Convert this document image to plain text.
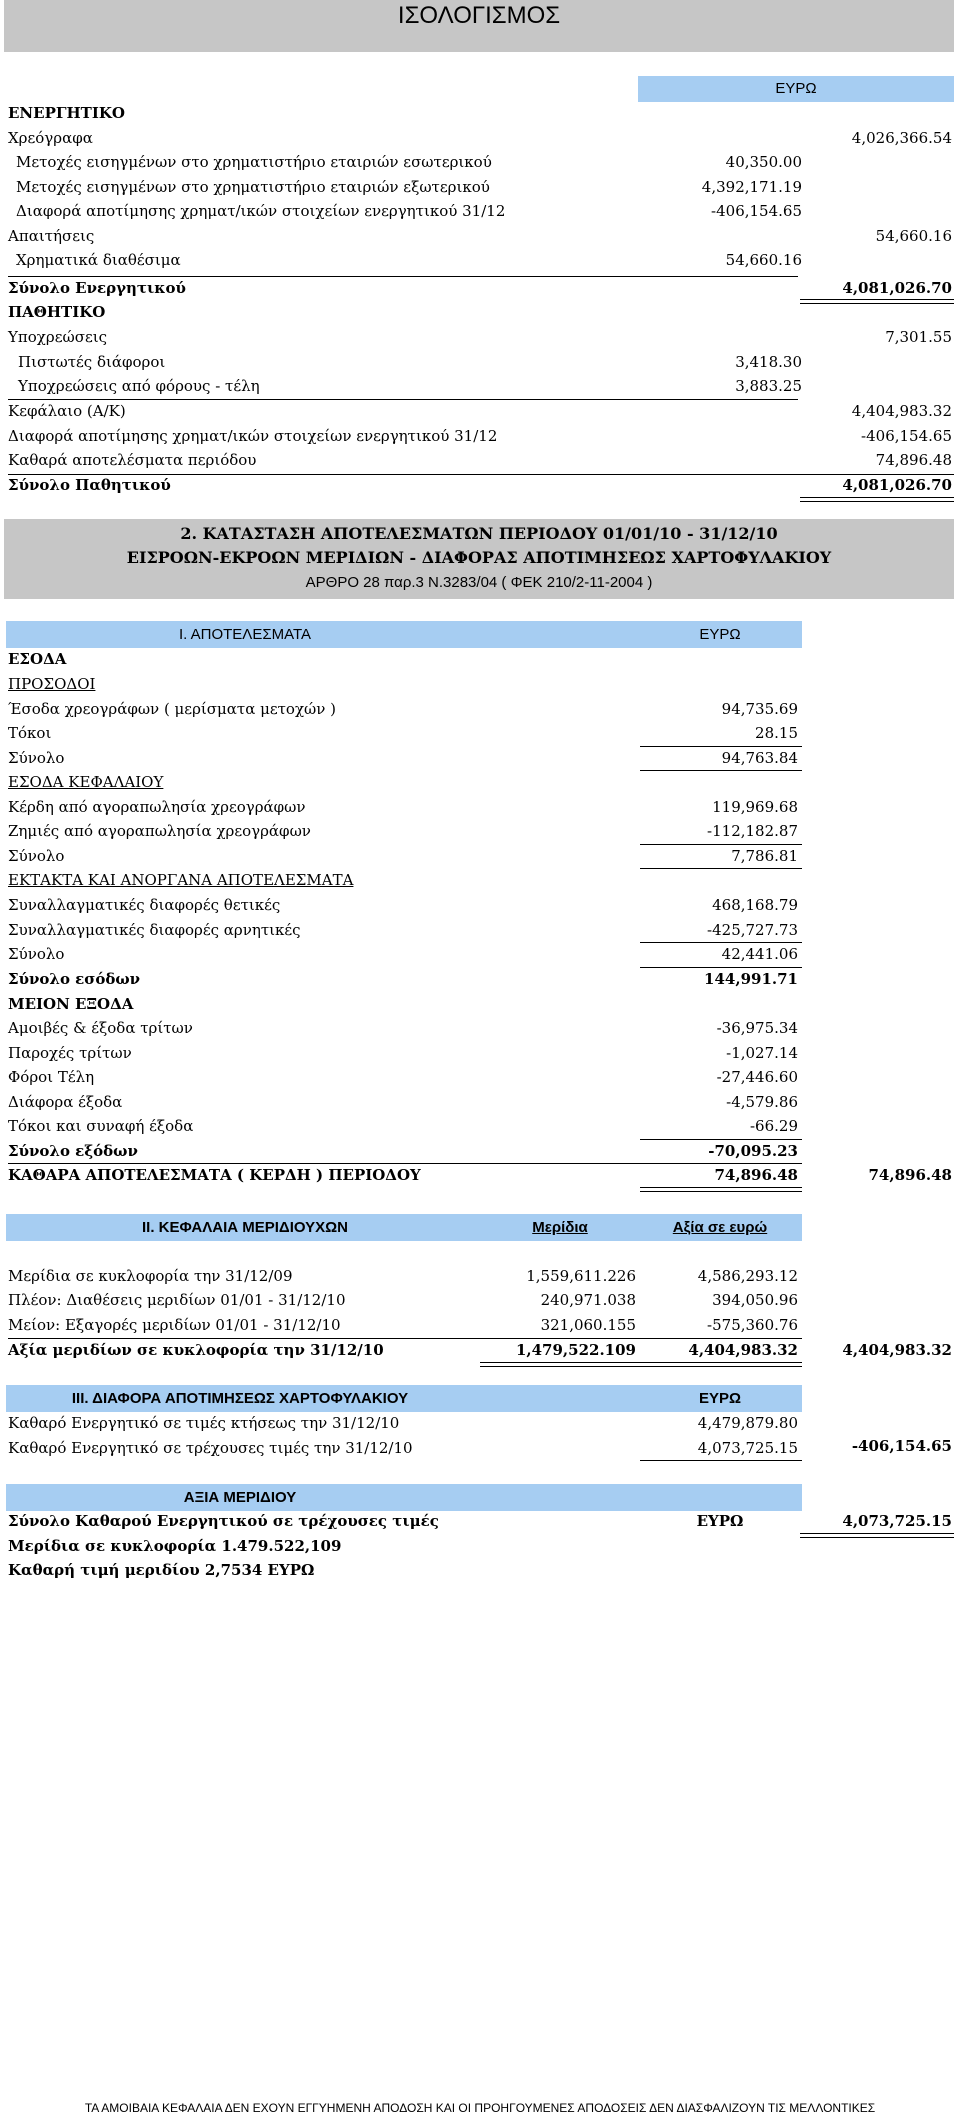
ΙΣΟΛΟΓΙΣΜΟΣ
ΕΥΡΩ
ΕΝΕΡΓΗΤΙΚΟ
Χρεόγραφα	4,026,366.54
Μετοχές εισηγμένων στο χρηματιστήριο εταιριών εσωτερικού	40,350.00
Μετοχές εισηγμένων στο χρηματιστήριο εταιριών εξωτερικού	4,392,171.19
Διαφορά αποτίμησης χρηματ/ικών στοιχείων ενεργητικού 31/12	-406,154.65
Απαιτήσεις	54,660.16
Χρηματικά διαθέσιμα	54,660.16
Σύνολο Ενεργητικού	4,081,026.70
ΠΑΘΗΤΙΚΟ
Υποχρεώσεις	7,301.55
Πιστωτές διάφοροι	3,418.30
Υποχρεώσεις από φόρους - τέλη	3,883.25
Κεφάλαιο (Α/Κ)	4,404,983.32
Διαφορά αποτίμησης χρηματ/ικών στοιχείων ενεργητικού 31/12	-406,154.65
Καθαρά αποτελέσματα περιόδου	74,896.48
Σύνολο Παθητικού	4,081,026.70
2. ΚΑΤΑΣΤΑΣΗ ΑΠΟΤΕΛΕΣΜΑΤΩΝ ΠΕΡΙΟΔΟΥ 01/01/10 - 31/12/10
ΕΙΣΡΟΩΝ-ΕΚΡΟΩΝ ΜΕΡΙΔΙΩΝ - ΔΙΑΦΟΡΑΣ ΑΠΟΤΙΜΗΣΕΩΣ ΧΑΡΤΟΦΥΛΑΚΙΟΥ
ΑΡΘΡΟ 28 παρ.3 Ν.3283/04 ( ΦΕΚ 210/2-11-2004 )
Ι. ΑΠΟΤΕΛΕΣΜΑΤΑ	ΕΥΡΩ
ΕΣΟΔΑ
ΠΡΟΣΟΔΟΙ
Έσοδα χρεογράφων ( μερίσματα μετοχών )	94,735.69
Τόκοι	28.15
Σύνολο	94,763.84
ΕΣΟΔΑ ΚΕΦΑΛΑΙΟΥ
Κέρδη από αγοραπωλησία χρεογράφων	119,969.68
Ζημιές από αγοραπωλησία χρεογράφων	-112,182.87
Σύνολο	7,786.81
ΕΚΤΑΚΤΑ ΚΑΙ ΑΝΟΡΓΑΝΑ ΑΠΟΤΕΛΕΣΜΑΤΑ
Συναλλαγματικές διαφορές θετικές	468,168.79
Συναλλαγματικές διαφορές αρνητικές	-425,727.73
Σύνολο	42,441.06
Σύνολο εσόδων	144,991.71
ΜΕΙΟΝ ΕΞΟΔΑ
Αμοιβές & έξοδα τρίτων	-36,975.34
Παροχές τρίτων	-1,027.14
Φόροι Τέλη	-27,446.60
Διάφορα έξοδα	-4,579.86
Τόκοι και συναφή έξοδα	-66.29
Σύνολο εξόδων	-70,095.23
ΚΑΘΑΡΑ ΑΠΟΤΕΛΕΣΜΑΤΑ ( ΚΕΡΔΗ ) ΠΕΡΙΟΔΟΥ	74,896.48	74,896.48
ΙΙ. ΚΕΦΑΛΑΙΑ ΜΕΡΙΔΙΟΥΧΩΝ	Μερίδια	Αξία σε ευρώ
Μερίδια σε κυκλοφορία την 31/12/09	1,559,611.226	4,586,293.12
Πλέον: Διαθέσεις μεριδίων 01/01 - 31/12/10	240,971.038	394,050.96
Μείον: Εξαγορές μεριδίων 01/01 - 31/12/10	321,060.155	-575,360.76
Αξία μεριδίων σε κυκλοφορία την 31/12/10	1,479,522.109	4,404,983.32	4,404,983.32
ΙΙΙ. ΔΙΑΦΟΡΑ ΑΠΟΤΙΜΗΣΕΩΣ ΧΑΡΤΟΦΥΛΑΚΙΟΥ	ΕΥΡΩ
Καθαρό Ενεργητικό σε τιμές κτήσεως την 31/12/10	4,479,879.80
Καθαρό Ενεργητικό σε τρέχουσες τιμές την 31/12/10	4,073,725.15	-406,154.65
ΑΞΙΑ ΜΕΡΙΔΙΟΥ
Σύνολο Καθαρού Ενεργητικού σε τρέχουσες τιμές	ΕΥΡΩ	4,073,725.15
Μερίδια σε κυκλοφορία 1.479.522,109
Καθαρή τιμή μεριδίου 2,7534 ΕΥΡΩ
ΤΑ ΑΜΟΙΒΑΙΑ ΚΕΦΑΛΑΙΑ ΔΕΝ ΕΧΟΥΝ ΕΓΓΥΗΜΕΝΗ ΑΠΟΔΟΣΗ ΚΑΙ ΟΙ ΠΡΟΗΓΟΥΜΕΝΕΣ ΑΠΟΔΟΣΕΙΣ ΔΕΝ ΔΙΑΣΦΑΛΙΖΟΥΝ ΤΙΣ ΜΕΛΛΟΝΤΙΚΕΣ
